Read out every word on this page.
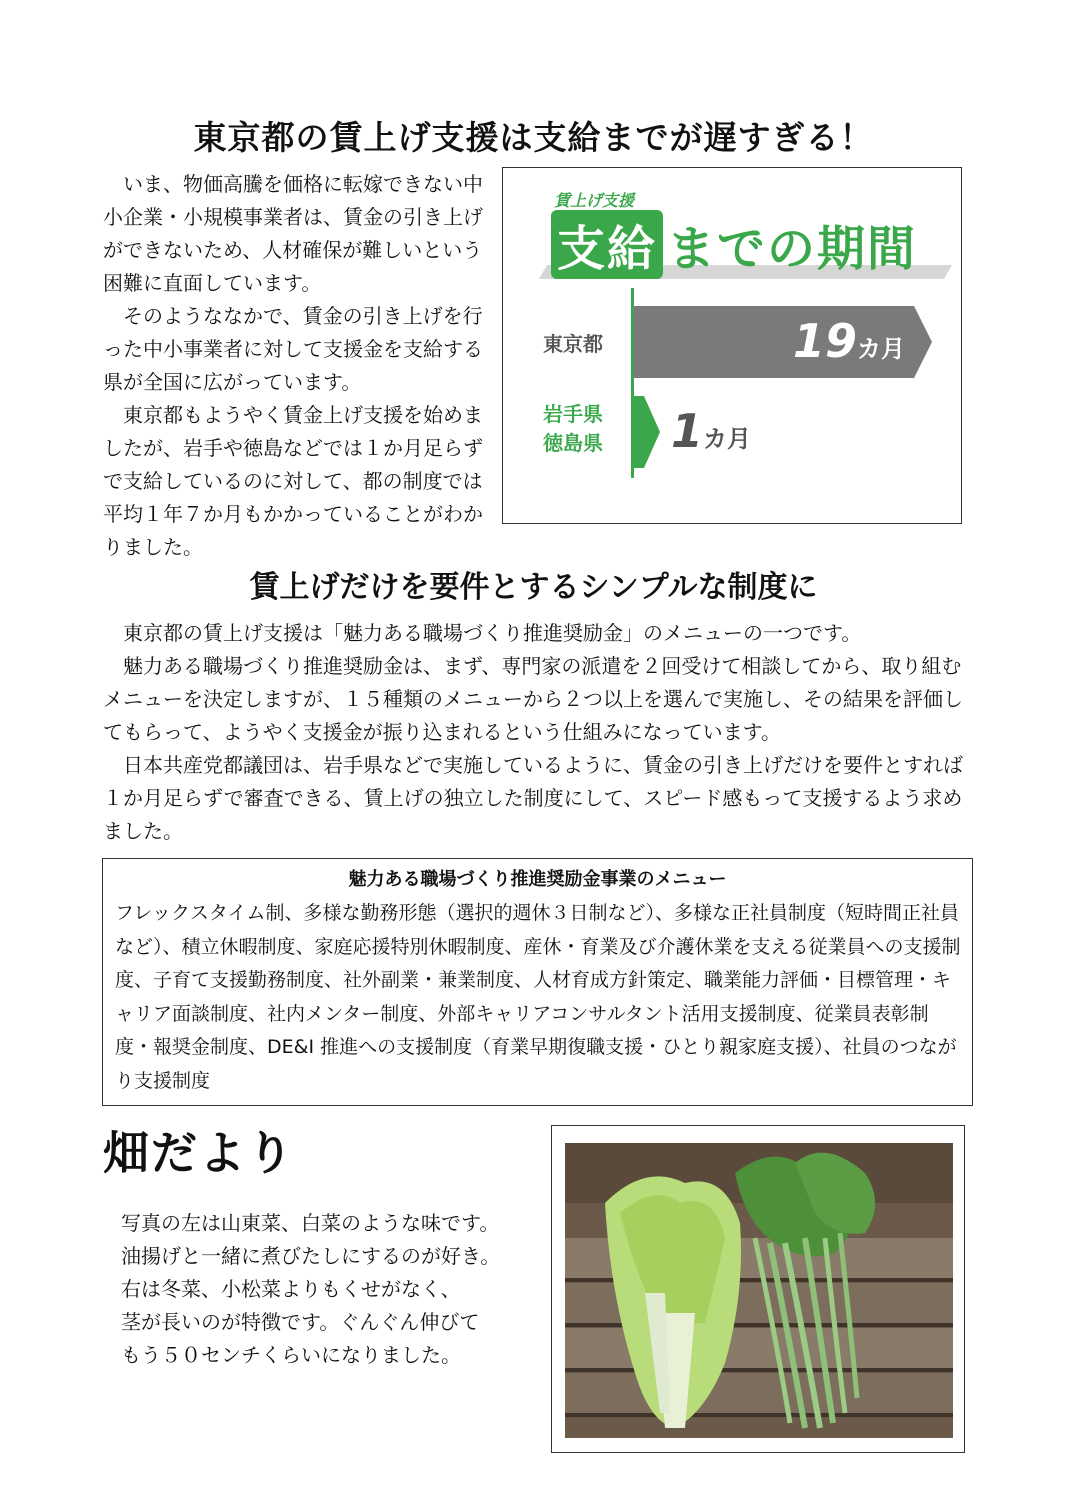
東京都の賃上げ支援は支給までが遅すぎる！

いま、物価高騰を価格に転嫁できない中小企業・小規模事業者は、賃金の引き上げができないため、人材確保が難しいという困難に直面しています。

そのようななかで、賃金の引き上げを行った中小事業者に対して支援金を支給する県が全国に広がっています。

東京都もようやく賃金上げ支援を始めましたが、岩手や徳島などでは１か月足らずで支給しているのに対して、都の制度では平均１年７か月もかかっていることがわかりました。

賃上げ支援
支給 までの期間
東京都
岩手県
徳島県
19カ月
1カ月
賃上げだけを要件とするシンプルな制度に

東京都の賃上げ支援は「魅力ある職場づくり推進奨励金」のメニューの一つです。

魅力ある職場づくり推進奨励金は、まず、専門家の派遣を２回受けて相談してから、取り組むメニューを決定しますが、１５種類のメニューから２つ以上を選んで実施し、その結果を評価してもらって、ようやく支援金が振り込まれるという仕組みになっています。

日本共産党都議団は、岩手県などで実施しているように、賃金の引き上げだけを要件とすれば１か月足らずで審査できる、賃上げの独立した制度にして、スピード感もって支援するよう求めました。

魅力ある職場づくり推進奨励金事業のメニュー
フレックスタイム制、多様な勤務形態（選択的週休３日制など）、多様な正社員制度（短時間正社員など）、積立休暇制度、家庭応援特別休暇制度、産休・育業及び介護休業を支える従業員への支援制度、子育て支援勤務制度、社外副業・兼業制度、人材育成方針策定、職業能力評価・目標管理・キャリア面談制度、社内メンター制度、外部キャリアコンサルタント活用支援制度、従業員表彰制度・報奨金制度、DE&I 推進への支援制度（育業早期復職支援・ひとり親家庭支援）、社員のつながり支援制度
畑だより

写真の左は山東菜、白菜のような味です。

油揚げと一緒に煮びたしにするのが好き。

右は冬菜、小松菜よりもくせがなく、

茎が長いのが特徴です。ぐんぐん伸びて

もう５０センチくらいになりました。
